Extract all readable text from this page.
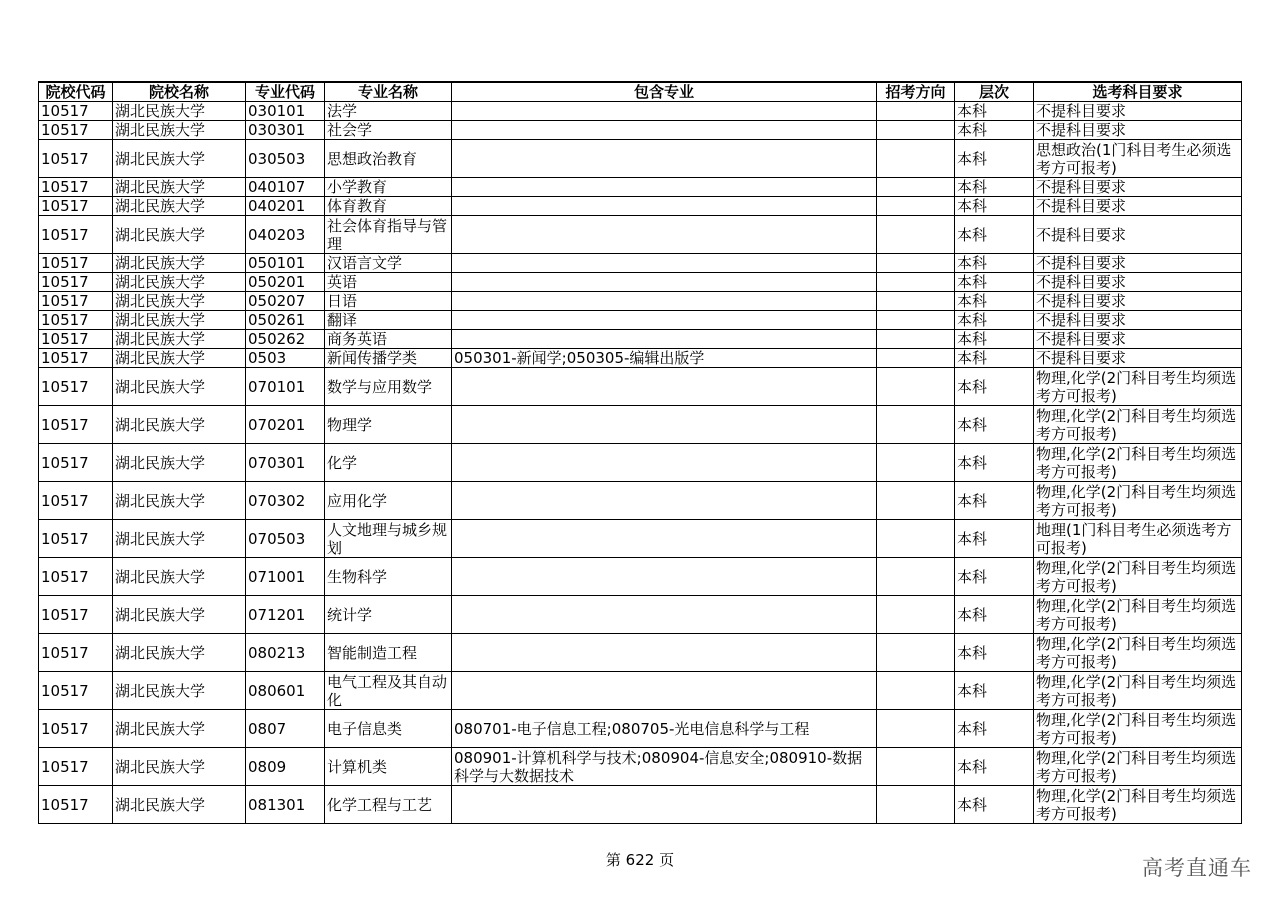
院校代码	院校名称	专业代码	专业名称	包含专业	招考方向	层次	选考科目要求
10517	湖北民族大学	030101	法学			本科	不提科目要求
10517	湖北民族大学	030301	社会学			本科	不提科目要求
10517	湖北民族大学	030503	思想政治教育			本科	思想政治(1门科目考生必须选考方可报考)
10517	湖北民族大学	040107	小学教育			本科	不提科目要求
10517	湖北民族大学	040201	体育教育			本科	不提科目要求
10517	湖北民族大学	040203	社会体育指导与管理			本科	不提科目要求
10517	湖北民族大学	050101	汉语言文学			本科	不提科目要求
10517	湖北民族大学	050201	英语			本科	不提科目要求
10517	湖北民族大学	050207	日语			本科	不提科目要求
10517	湖北民族大学	050261	翻译			本科	不提科目要求
10517	湖北民族大学	050262	商务英语			本科	不提科目要求
10517	湖北民族大学	0503	新闻传播学类	050301-新闻学;050305-编辑出版学		本科	不提科目要求
10517	湖北民族大学	070101	数学与应用数学			本科	物理,化学(2门科目考生均须选考方可报考)
10517	湖北民族大学	070201	物理学			本科	物理,化学(2门科目考生均须选考方可报考)
10517	湖北民族大学	070301	化学			本科	物理,化学(2门科目考生均须选考方可报考)
10517	湖北民族大学	070302	应用化学			本科	物理,化学(2门科目考生均须选考方可报考)
10517	湖北民族大学	070503	人文地理与城乡规划			本科	地理(1门科目考生必须选考方可报考)
10517	湖北民族大学	071001	生物科学			本科	物理,化学(2门科目考生均须选考方可报考)
10517	湖北民族大学	071201	统计学			本科	物理,化学(2门科目考生均须选考方可报考)
10517	湖北民族大学	080213	智能制造工程			本科	物理,化学(2门科目考生均须选考方可报考)
10517	湖北民族大学	080601	电气工程及其自动化			本科	物理,化学(2门科目考生均须选考方可报考)
10517	湖北民族大学	0807	电子信息类	080701-电子信息工程;080705-光电信息科学与工程		本科	物理,化学(2门科目考生均须选考方可报考)
10517	湖北民族大学	0809	计算机类	080901-计算机科学与技术;080904-信息安全;080910-数据科学与大数据技术		本科	物理,化学(2门科目考生均须选考方可报考)
10517	湖北民族大学	081301	化学工程与工艺			本科	物理,化学(2门科目考生均须选考方可报考)
第 622 页	高考直通车
